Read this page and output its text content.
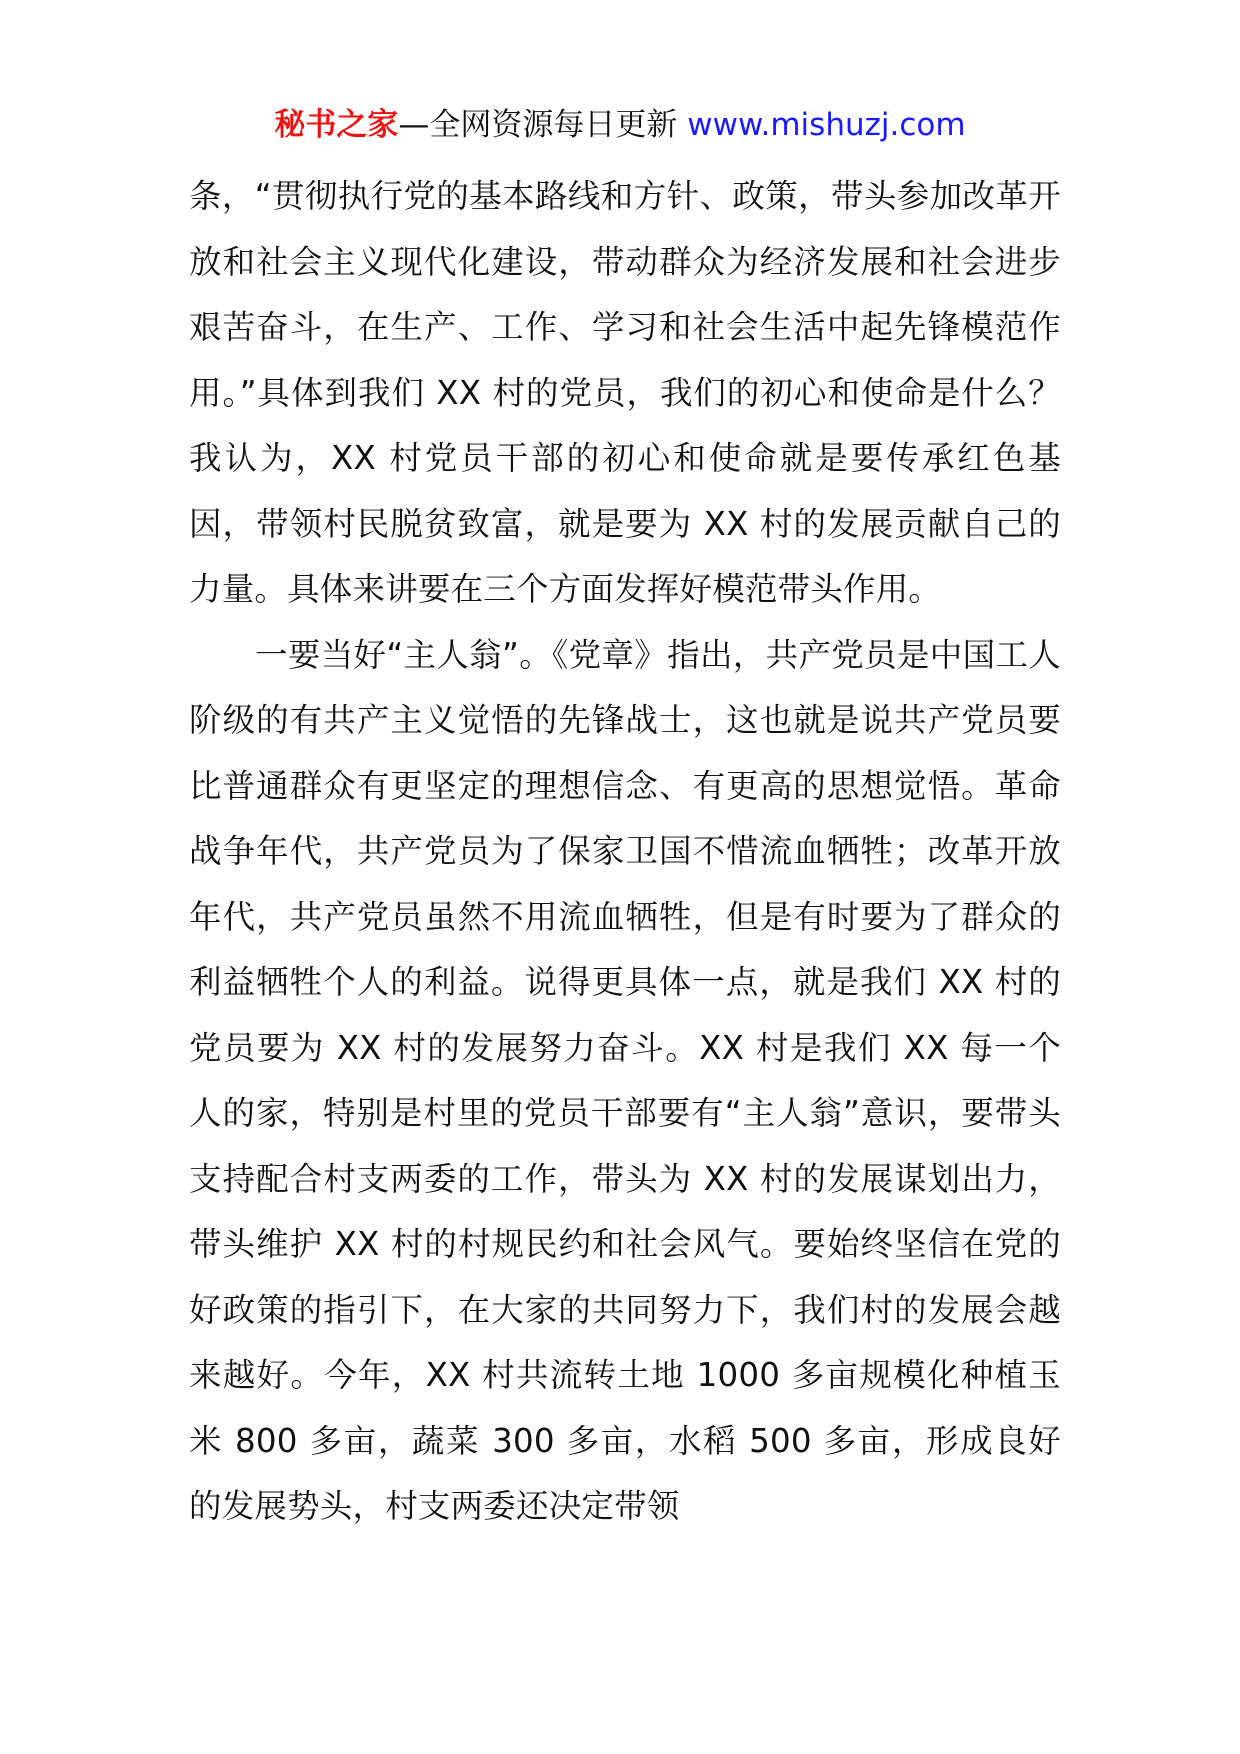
秘书之家—全网资源每日更新 www.mishuzj.com

条，“贯彻执行党的基本路线和方针、政策，带头参加改革开放和社会主义现代化建设，带动群众为经济发展和社会进步艰苦奋斗，在生产、工作、学习和社会生活中起先锋模范作用。”具体到我们 XX 村的党员，我们的初心和使命是什么？我认为，XX 村党员干部的初心和使命就是要传承红色基因，带领村民脱贫致富，就是要为 XX 村的发展贡献自己的力量。具体来讲要在三个方面发挥好模范带头作用。

一要当好“主人翁”。《党章》指出，共产党员是中国工人阶级的有共产主义觉悟的先锋战士，这也就是说共产党员要比普通群众有更坚定的理想信念、有更高的思想觉悟。革命战争年代，共产党员为了保家卫国不惜流血牺牲；改革开放年代，共产党员虽然不用流血牺牲，但是有时要为了群众的利益牺牲个人的利益。说得更具体一点，就是我们 XX 村的党员要为 XX 村的发展努力奋斗。XX 村是我们 XX 每一个人的家，特别是村里的党员干部要有“主人翁”意识，要带头支持配合村支两委的工作，带头为 XX 村的发展谋划出力，带头维护 XX 村的村规民约和社会风气。要始终坚信在党的好政策的指引下，在大家的共同努力下，我们村的发展会越来越好。今年，XX 村共流转土地 1000 多亩规模化种植玉米 800 多亩，蔬菜 300 多亩，水稻 500 多亩，形成良好的发展势头，村支两委还决定带领
